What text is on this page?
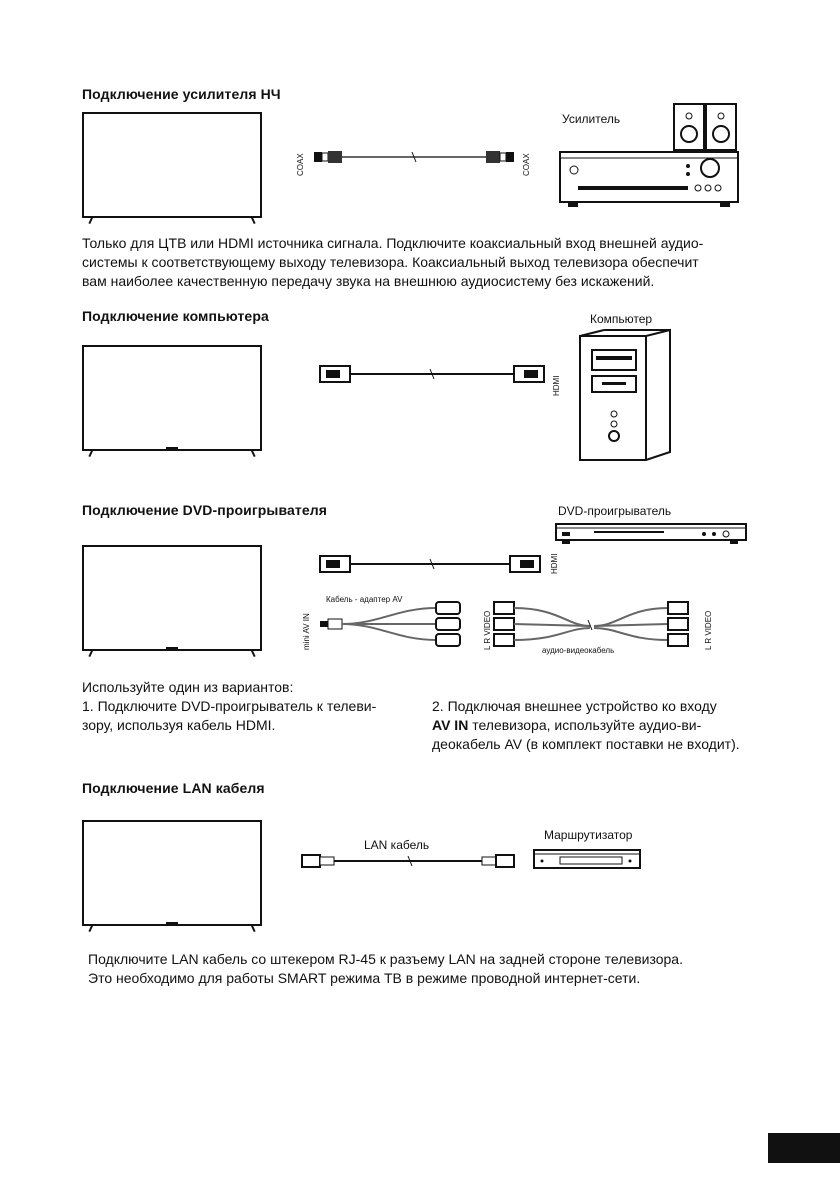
Подключение усилителя НЧ
COAX	COAX
Усилитель
Только для ЦТВ или HDMI источника сигнала. Подключите коаксиальный вход внешней аудио-
системы к соответствующему выходу телевизора. Коаксиальный выход телевизора обеспечит
вам наиболее качественную передачу звука на внешнюю аудиосистему без искажений.
Подключение компьютера
HDMI
Компьютер
Подключение DVD-проигрывателя	DVD-проигрыватель
HDMI
Кабель - адаптер AV
mini AV IN	L R VIDEO	L R VIDEO
аудио-видеокабель
Используйте один из вариантов:
1. Подключите DVD-проигрыватель к телеви-
зору, используя кабель HDMI.
2. Подключая внешнее устройство ко входу
AV IN телевизора, используйте аудио-ви-
деокабель AV (в комплект поставки не входит).
Подключение LAN кабеля
LAN кабель
Маршрутизатор
Подключите LAN кабель со штекером RJ-45 к разъему LAN на задней стороне телевизора.
Это необходимо для работы SMART режима ТВ в режиме проводной интернет-сети.
